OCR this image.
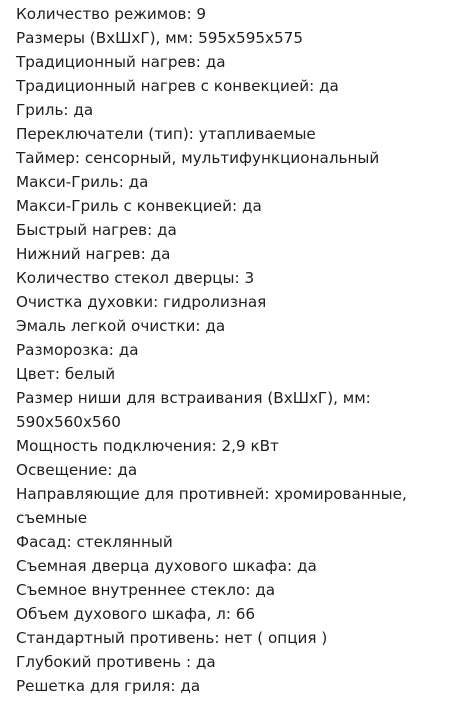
Количество режимов: 9
Размеры (ВхШхГ), мм: 595х595х575
Традиционный нагрев: да
Традиционный нагрев с конвекцией: да
Гриль: да
Переключатели (тип): утапливаемые
Таймер: сенсорный, мультифункциональный
Макси-Гриль: да
Макси-Гриль с конвекцией: да
Быстрый нагрев: да
Нижний нагрев: да
Количество стекол дверцы: 3
Очистка духовки: гидролизная
Эмаль легкой очистки: да
Разморозка: да
Цвет: белый
Размер ниши для встраивания (ВхШхГ), мм:
590х560х560
Мощность подключения: 2,9 кВт
Освещение: да
Направляющие для противней: хромированные,
съемные
Фасад: стеклянный
Съемная дверца духового шкафа: да
Съемное внутреннее стекло: да
Объем духового шкафа, л: 66
Стандартный противень: нет ( опция )
Глубокий противень : да
Решетка для гриля: да
